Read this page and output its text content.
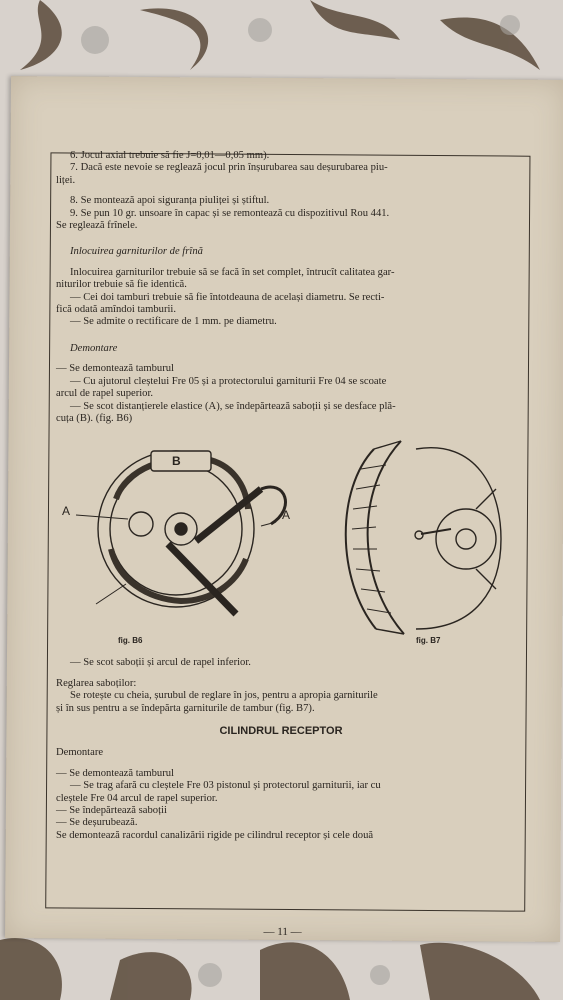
— 11 —

6. Jocul axial trebuie să fie J=0,01—0,05 mm).

7. Dacă este nevoie se reglează jocul prin înșurubarea sau deșurubarea piu-

liței.

8. Se montează apoi siguranța piuliței și știftul.

9. Se pun 10 gr. unsoare în capac și se remontează cu dispozitivul Rou 441.

Se reglează frînele.

Inlocuirea garniturilor de frînă

Inlocuirea garniturilor trebuie să se facă în set complet, întrucît calitatea gar-

niturilor trebuie să fie identică.

— Cei doi tamburi trebuie să fie întotdeauna de același diametru. Se recti-

fică odată amîndoi tamburii.

— Se admite o rectificare de 1 mm. pe diametru.

Demontare

— Se demontează tamburul

— Cu ajutorul cleștelui Fre 05 și a protectorului garniturii Fre 04 se scoate

arcul de rapel superior.

— Se scot distanțierele elastice (A), se îndepărtează saboții și se desface plă-

cuța (B). (fig. B6)

A	A
B
fig. B6	fig. B7

— Se scot saboții și arcul de rapel inferior.

Reglarea saboților:

Se rotește cu cheia, șurubul de reglare în jos, pentru a apropia garniturile

și în sus pentru a se îndepărta garniturile de tambur (fig. B7).

CILINDRUL RECEPTOR

Demontare

— Se demontează tamburul

— Se trag afară cu cleștele Fre 03 pistonul și protectorul garniturii, iar cu

cleștele Fre 04 arcul de rapel superior.

— Se îndepărtează saboții

— Se deșurubează.

Se demontează racordul canalizării rigide pe cilindrul receptor și cele două
